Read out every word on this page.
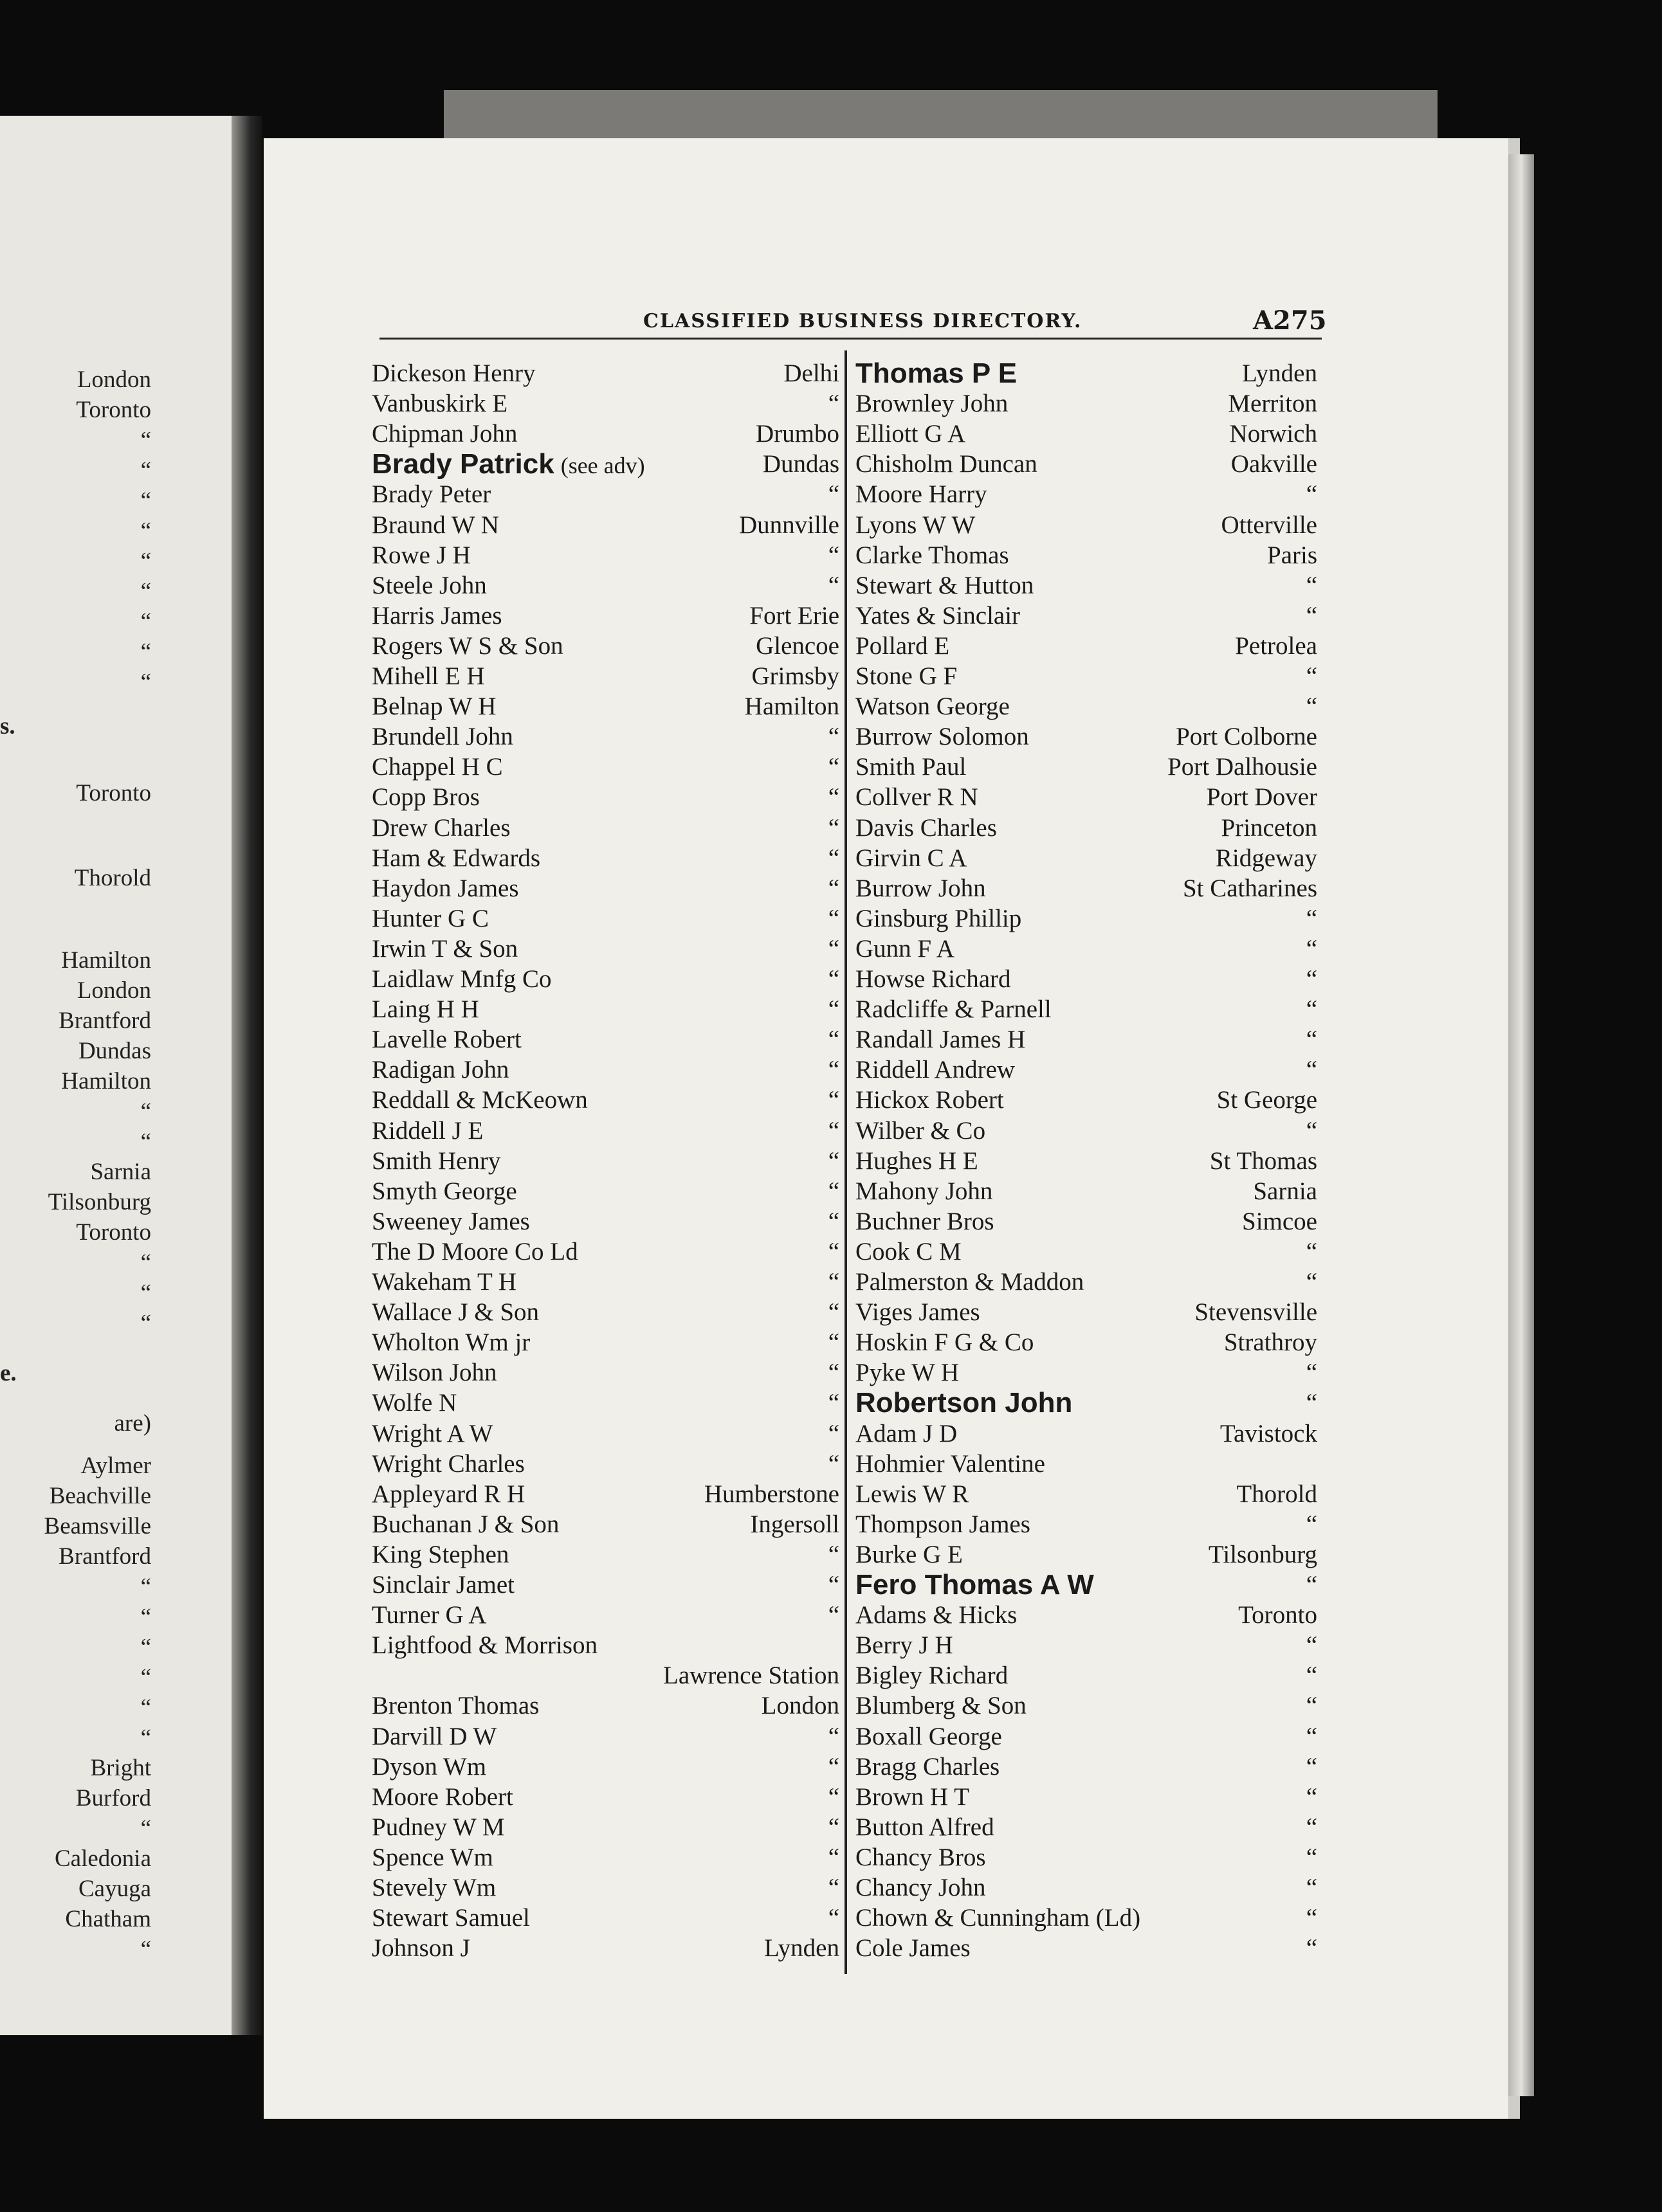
London
Toronto
“
“
“
“
“
“
“
“
“
s.
Toronto
Thorold
Hamilton
London
Brantford
Dundas
Hamilton
“
“
Sarnia
Tilsonburg
Toronto
“
“
“
e.
are)
Aylmer
Beachville
Beamsville
Brantford
“
“
“
“
“
“
Bright
Burford
“
Caledonia
Cayuga
Chatham
“
CLASSIFIED BUSINESS DIRECTORY.	A275
Dickeson Henry	Delhi
Vanbuskirk E	“
Chipman John	Drumbo
Brady Patrick (see adv)	Dundas
Brady Peter	“
Braund W N	Dunnville
Rowe J H	“
Steele John	“
Harris James	Fort Erie
Rogers W S & Son	Glencoe
Mihell E H	Grimsby
Belnap W H	Hamilton
Brundell John	“
Chappel H C	“
Copp Bros	“
Drew Charles	“
Ham & Edwards	“
Haydon James	“
Hunter G C	“
Irwin T & Son	“
Laidlaw Mnfg Co	“
Laing H H	“
Lavelle Robert	“
Radigan John	“
Reddall & McKeown	“
Riddell J E	“
Smith Henry	“
Smyth George	“
Sweeney James	“
The D Moore Co Ld	“
Wakeham T H	“
Wallace J & Son	“
Wholton Wm jr	“
Wilson John	“
Wolfe N	“
Wright A W	“
Wright Charles	“
Appleyard R H	Humberstone
Buchanan J & Son	Ingersoll
King Stephen	“
Sinclair Jamet	“
Turner G A	“
Lightfood & Morrison
Lawrence Station
Brenton Thomas	London
Darvill D W	“
Dyson Wm	“
Moore Robert	“
Pudney W M	“
Spence Wm	“
Stevely Wm	“
Stewart Samuel	“
Johnson J	Lynden
Thomas P E	Lynden
Brownley John	Merriton
Elliott G A	Norwich
Chisholm Duncan	Oakville
Moore Harry	“
Lyons W W	Otterville
Clarke Thomas	Paris
Stewart & Hutton	“
Yates & Sinclair	“
Pollard E	Petrolea
Stone G F	“
Watson George	“
Burrow Solomon	Port Colborne
Smith Paul	Port Dalhousie
Collver R N	Port Dover
Davis Charles	Princeton
Girvin C A	Ridgeway
Burrow John	St Catharines
Ginsburg Phillip	“
Gunn F A	“
Howse Richard	“
Radcliffe & Parnell	“
Randall James H	“
Riddell Andrew	“
Hickox Robert	St George
Wilber & Co	“
Hughes H E	St Thomas
Mahony John	Sarnia
Buchner Bros	Simcoe
Cook C M	“
Palmerston & Maddon	“
Viges James	Stevensville
Hoskin F G & Co	Strathroy
Pyke W H	“
Robertson John	“
Adam J D	Tavistock
Hohmier Valentine
Lewis W R	Thorold
Thompson James	“
Burke G E	Tilsonburg
Fero Thomas A W	“
Adams & Hicks	Toronto
Berry J H	“
Bigley Richard	“
Blumberg & Son	“
Boxall George	“
Bragg Charles	“
Brown H T	“
Button Alfred	“
Chancy Bros	“
Chancy John	“
Chown & Cunningham (Ld)	“
Cole James	“
